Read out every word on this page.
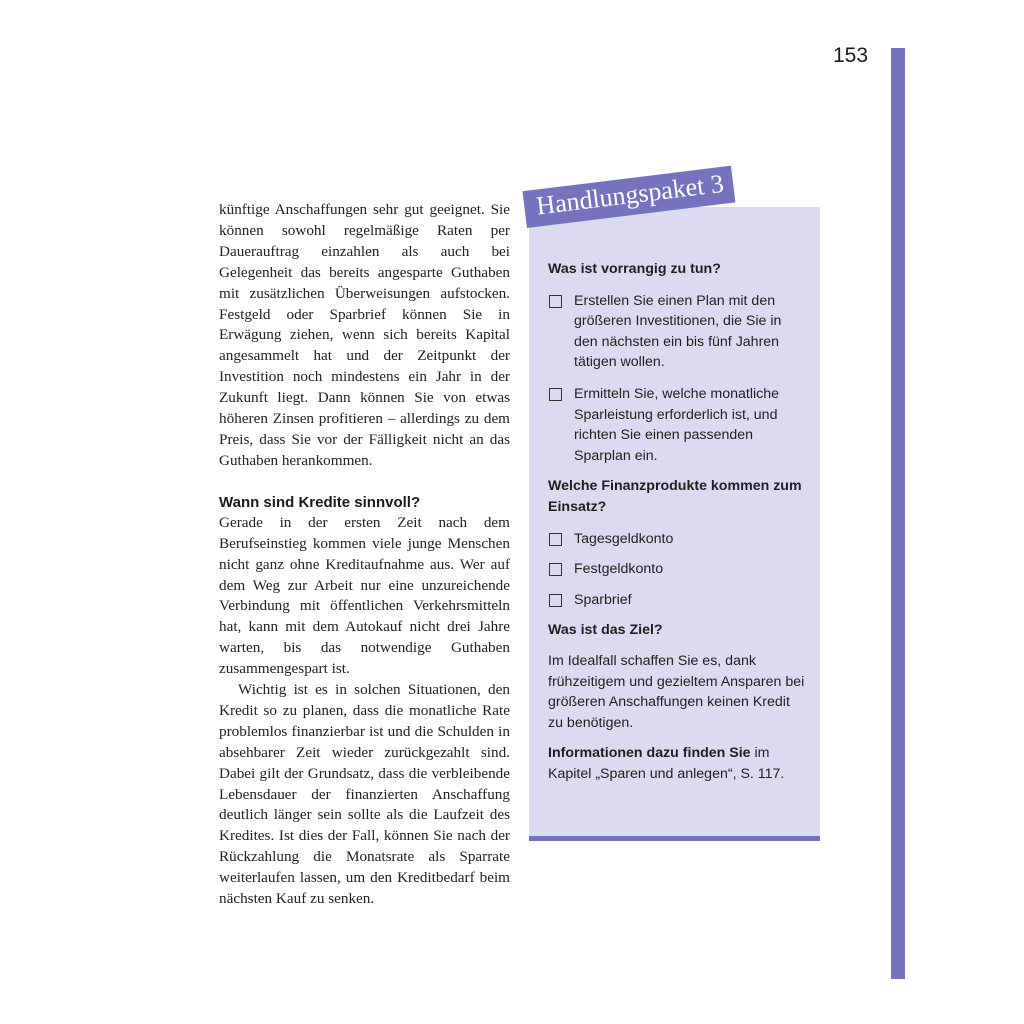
153

künftige Anschaffungen sehr gut geeignet. Sie können sowohl regelmäßige Raten per Dauerauftrag einzahlen als auch bei Gelegenheit das bereits angesparte Guthaben mit zusätzlichen Überweisungen aufstocken. Festgeld oder Sparbrief können Sie in Erwägung ziehen, wenn sich bereits Kapital angesammelt hat und der Zeitpunkt der Investition noch mindestens ein Jahr in der Zukunft liegt. Dann können Sie von etwas höheren Zinsen profitieren – allerdings zu dem Preis, dass Sie vor der Fälligkeit nicht an das Guthaben herankommen.

Wann sind Kredite sinnvoll?

Gerade in der ersten Zeit nach dem Berufseinstieg kommen viele junge Menschen nicht ganz ohne Kreditaufnahme aus. Wer auf dem Weg zur Arbeit nur eine unzureichende Verbindung mit öffentlichen Verkehrsmitteln hat, kann mit dem Autokauf nicht drei Jahre warten, bis das notwendige Guthaben zusammengespart ist.

Wichtig ist es in solchen Situationen, den Kredit so zu planen, dass die monatliche Rate problemlos finanzierbar ist und die Schulden in absehbarer Zeit wieder zurückgezahlt sind. Dabei gilt der Grundsatz, dass die verbleibende Lebensdauer der finanzierten Anschaffung deutlich länger sein sollte als die Laufzeit des Kredites. Ist dies der Fall, können Sie nach der Rückzahlung die Monatsrate als Sparrate weiterlaufen lassen, um den Kreditbedarf beim nächsten Kauf zu senken.

Handlungspaket 3

Was ist vorrangig zu tun?

Erstellen Sie einen Plan mit den größeren Investitionen, die Sie in den nächsten ein bis fünf Jahren tätigen wollen.
Ermitteln Sie, welche monatliche Sparleistung erforderlich ist, und richten Sie einen passenden Sparplan ein.

Welche Finanzprodukte kommen zum Einsatz?

Tagesgeldkonto
Festgeldkonto
Sparbrief

Was ist das Ziel?

Im Idealfall schaffen Sie es, dank frühzeitigem und gezieltem Ansparen bei größeren Anschaffungen keinen Kredit zu benötigen.

Informationen dazu finden Sie im Kapitel „Sparen und anlegen“, S. 117.
